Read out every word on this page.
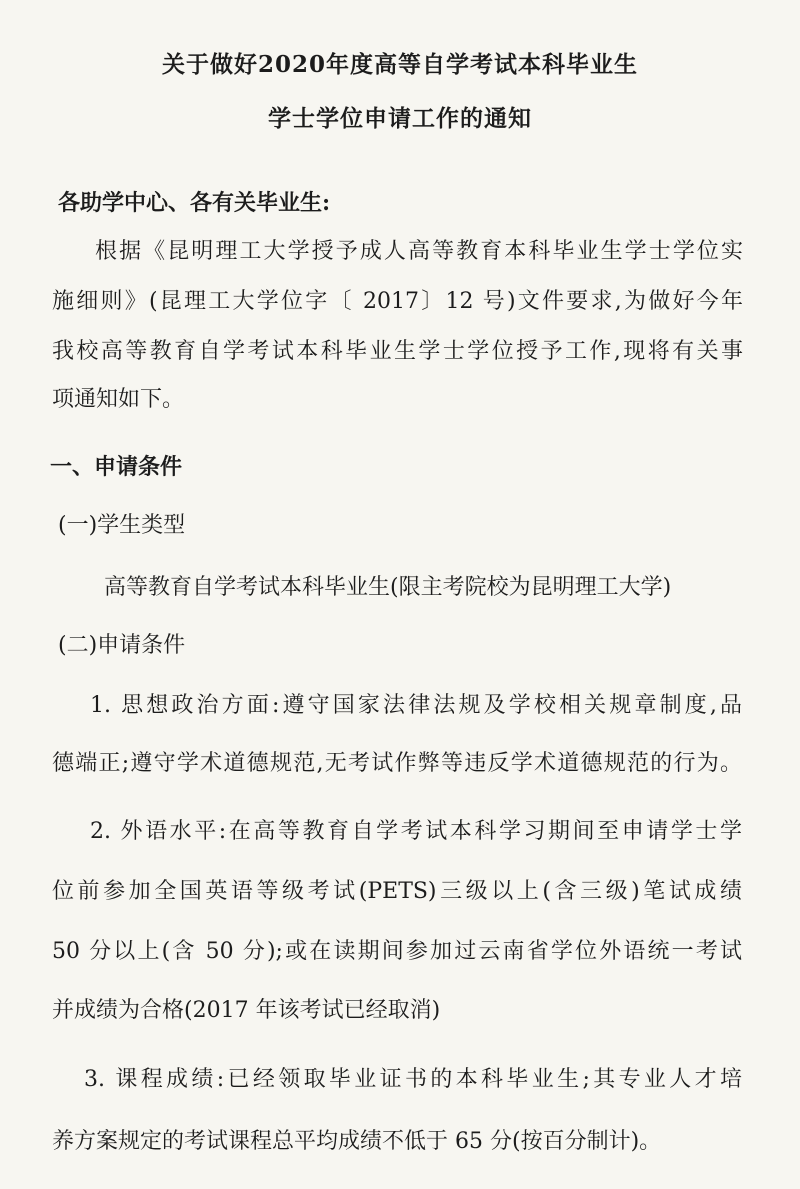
关于做好2020年度高等自学考试本科毕业生
学士学位申请工作的通知
各助学中心、各有关毕业生:
根据《昆明理工大学授予成人高等教育本科毕业生学士学位实
施细则》(昆理工大学位字〔 2017〕12 号)文件要求,为做好今年
我校高等教育自学考试本科毕业生学士学位授予工作,现将有关事
项通知如下。
一、申请条件
(一)学生类型
高等教育自学考试本科毕业生(限主考院校为昆明理工大学)
(二)申请条件
1. 思想政治方面:遵守国家法律法规及学校相关规章制度,品
德端正;遵守学术道德规范,无考试作弊等违反学术道德规范的行为。
2. 外语水平:在高等教育自学考试本科学习期间至申请学士学
位前参加全国英语等级考试(PETS)三级以上(含三级)笔试成绩
50 分以上(含 50 分);或在读期间参加过云南省学位外语统一考试
并成绩为合格(2017 年该考试已经取消)
3. 课程成绩:已经领取毕业证书的本科毕业生;其专业人才培
养方案规定的考试课程总平均成绩不低于 65 分(按百分制计)。
